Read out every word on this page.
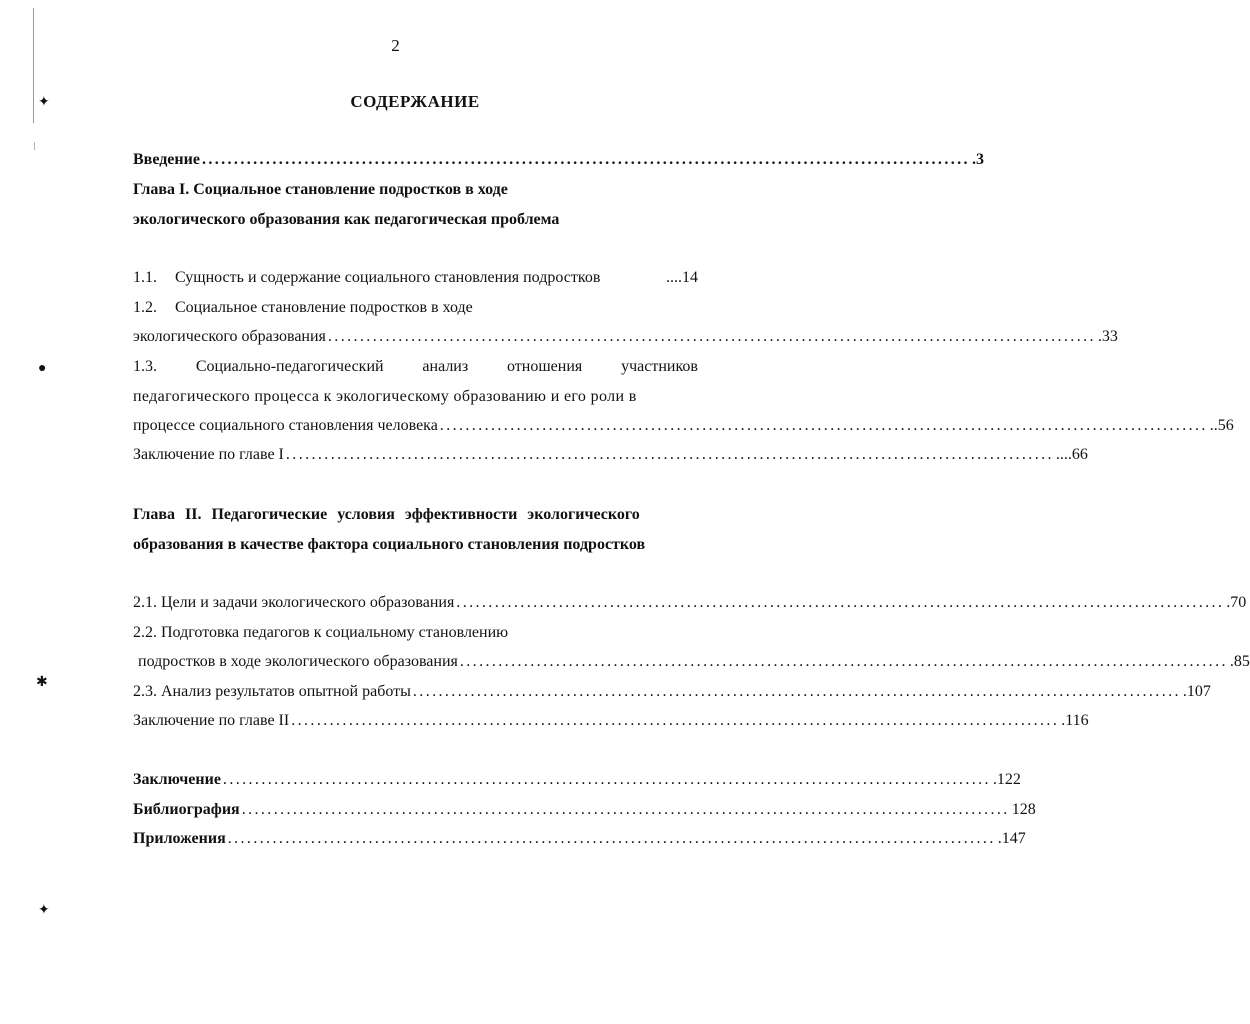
✦
●
✱
✦
2
СОДЕРЖАНИЕ
Введение ........................................................................................................................ .3
Глава I. Социальное становление подростков в ходе
экологического образования как педагогическая проблема
1.1. Сущность и содержание социального становления подростков	....14
1.2. Социальное становление подростков в ходе
экологического образования ........................................................................................................................ .33
1.3. Социально-педагогический анализ отношения участников
педагогического процесса к экологическому образованию и его роли в
процессе социального становления человека ........................................................................................................................ ..56
Заключение по главе I ........................................................................................................................ ....66
Глава II. Педагогические условия эффективности экологического
образования в качестве фактора социального становления подростков
2.1. Цели и задачи экологического образования ........................................................................................................................ .70
2.2. Подготовка педагогов к социальному становлению
подростков в ходе экологического образования ........................................................................................................................ .85
2.3. Анализ результатов опытной работы ........................................................................................................................ .107
Заключение по главе II ........................................................................................................................ .116
Заключение ........................................................................................................................ .122
Библиография ........................................................................................................................ 128
Приложения ........................................................................................................................ .147
